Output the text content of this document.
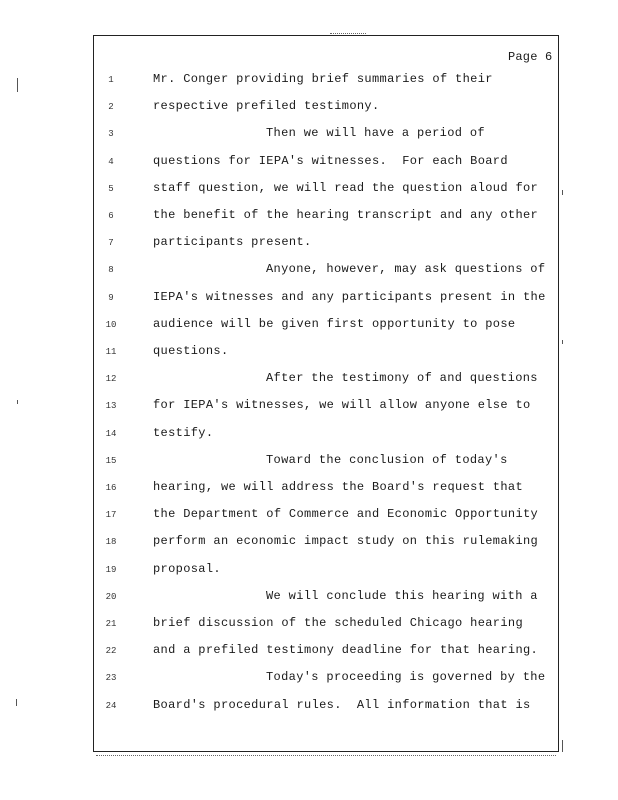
Page 6
1	Mr. Conger providing brief summaries of their
2	respective prefiled testimony.
3	Then we will have a period of
4	questions for IEPA's witnesses.  For each Board
5	staff question, we will read the question aloud for
6	the benefit of the hearing transcript and any other
7	participants present.
8	Anyone, however, may ask questions of
9	IEPA's witnesses and any participants present in the
10	audience will be given first opportunity to pose
11	questions.
12	After the testimony of and questions
13	for IEPA's witnesses, we will allow anyone else to
14	testify.
15	Toward the conclusion of today's
16	hearing, we will address the Board's request that
17	the Department of Commerce and Economic Opportunity
18	perform an economic impact study on this rulemaking
19	proposal.
20	We will conclude this hearing with a
21	brief discussion of the scheduled Chicago hearing
22	and a prefiled testimony deadline for that hearing.
23	Today's proceeding is governed by the
24	Board's procedural rules.  All information that is
